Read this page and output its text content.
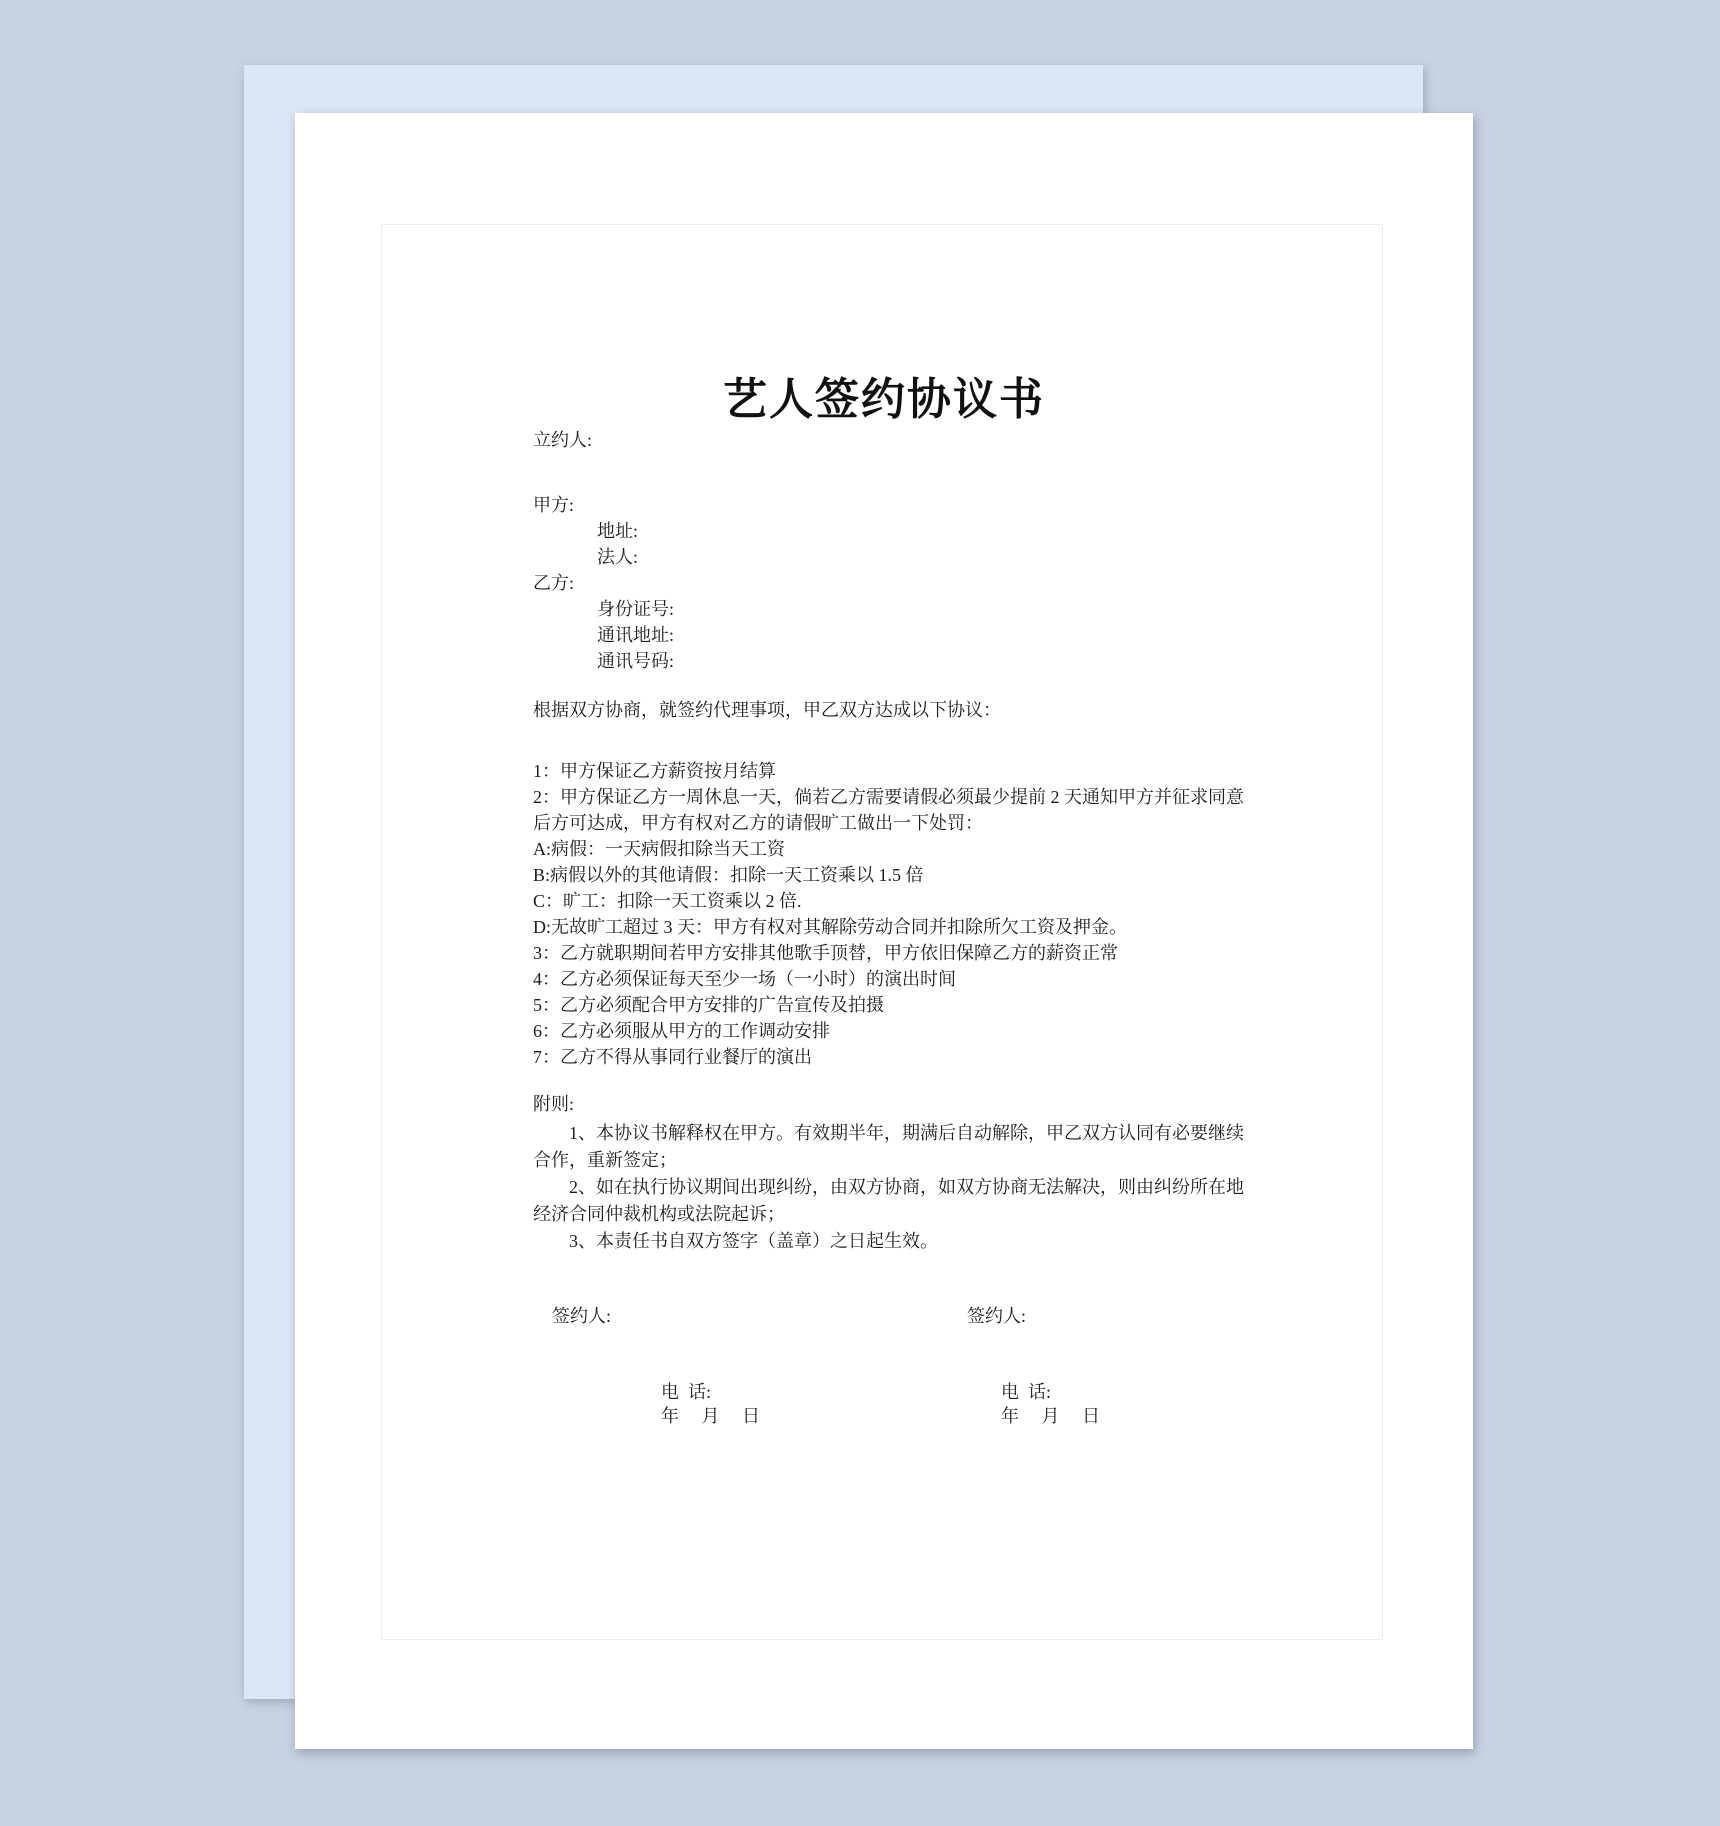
艺人签约协议书
立约人:
甲方:
地址:
法人:
乙方:
身份证号:
通讯地址:
通讯号码:
根据双方协商，就签约代理事项，甲乙双方达成以下协议：
1：甲方保证乙方薪资按月结算
2：甲方保证乙方一周休息一天，倘若乙方需要请假必须最少提前 2 天通知甲方并征求同意
后方可达成，甲方有权对乙方的请假旷工做出一下处罚：
A:病假：一天病假扣除当天工资
B:病假以外的其他请假：扣除一天工资乘以 1.5 倍
C：旷工：扣除一天工资乘以 2 倍.
D:无故旷工超过 3 天：甲方有权对其解除劳动合同并扣除所欠工资及押金。
3：乙方就职期间若甲方安排其他歌手顶替，甲方依旧保障乙方的薪资正常
4：乙方必须保证每天至少一场（一小时）的演出时间
5：乙方必须配合甲方安排的广告宣传及拍摄
6：乙方必须服从甲方的工作调动安排
7：乙方不得从事同行业餐厅的演出
附则:
1、本协议书解释权在甲方。有效期半年，期满后自动解除，甲乙双方认同有必要继续
合作，重新签定；
2、如在执行协议期间出现纠纷，由双方协商，如双方协商无法解决，则由纠纷所在地
经济合同仲裁机构或法院起诉；
3、本责任书自双方签字（盖章）之日起生效。
签约人:	签约人:
电  话:	电  话:
年　 月　 日	年　 月　 日
